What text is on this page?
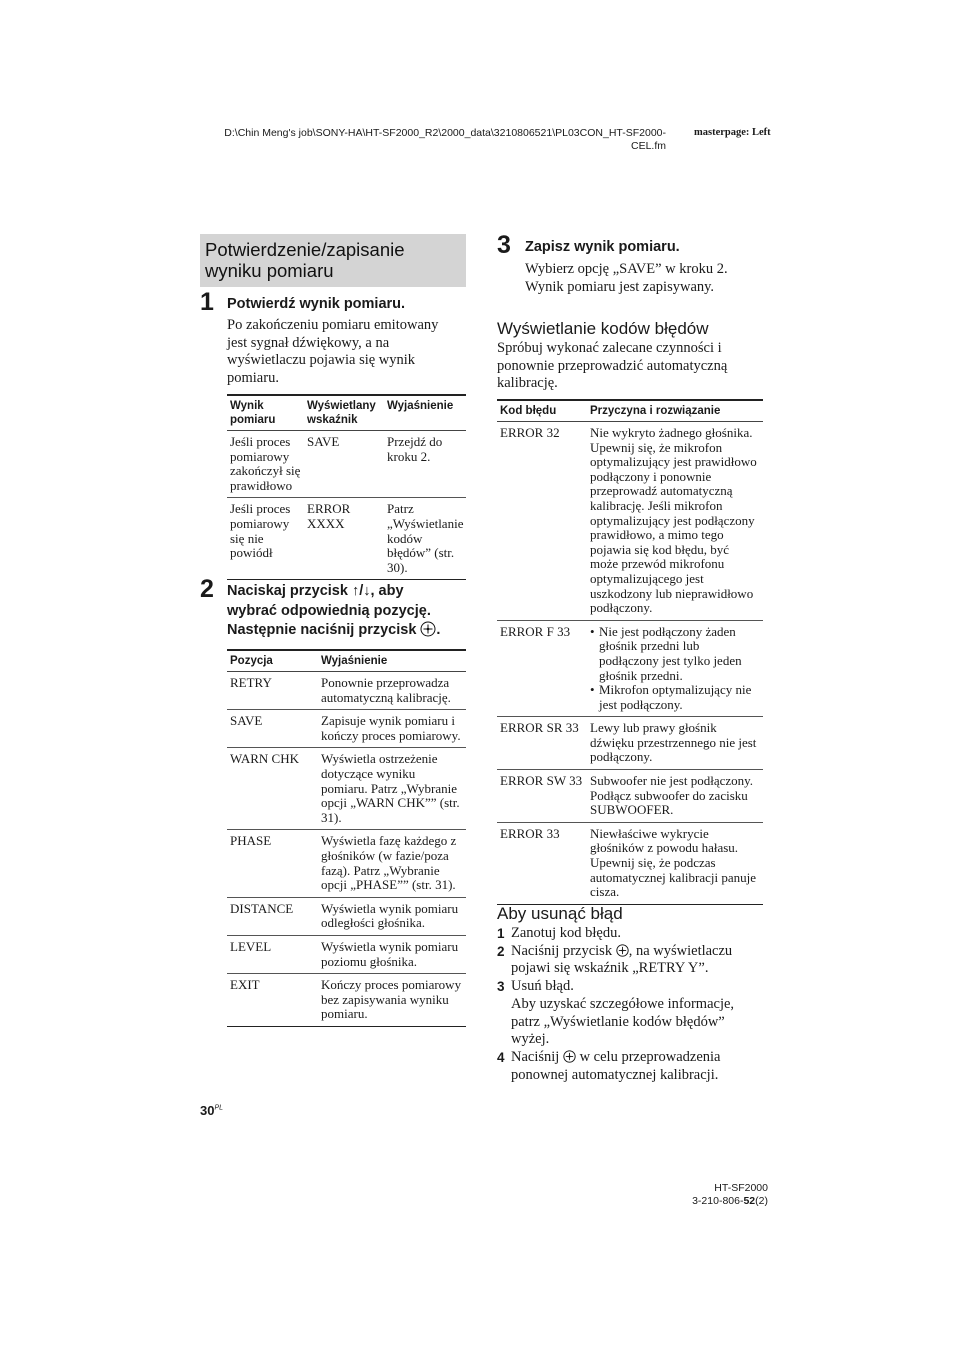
D:\Chin Meng's job\SONY-HA\HT-SF2000_R2\2000_data\3210806521\PL03CON_HT-SF2000-
CEL.fm
masterpage: Left
Potwierdzenie/zapisanie
wyniku pomiaru
1 Potwierdź wynik pomiaru.
Po zakończeniu pomiaru emitowany
jest sygnał dźwiękowy, a na
wyświetlaczu pojawia się wynik
pomiaru.
Wynik pomiaru	Wyświetlany wskaźnik	Wyjaśnienie
Jeśli proces pomiarowy zakończył się prawidłowo	SAVE	Przejdź do kroku 2.
Jeśli proces pomiarowy się nie powiódł	ERROR XXXX	Patrz „Wyświetlanie kodów błędów” (str. 30).
2 Naciskaj przycisk ↑/↓, aby
wybrać odpowiednią pozycję.
Następnie naciśnij przycisk .
Pozycja	Wyjaśnienie
RETRY	Ponownie przeprowadza automatyczną kalibrację.
SAVE	Zapisuje wynik pomiaru i kończy proces pomiarowy.
WARN CHK	Wyświetla ostrzeżenie dotyczące wyniku pomiaru. Patrz „Wybranie opcji „WARN CHK”” (str. 31).
PHASE	Wyświetla fazę każdego z głośników (w fazie/poza fazą). Patrz „Wybranie opcji „PHASE”” (str. 31).
DISTANCE	Wyświetla wynik pomiaru odległości głośnika.
LEVEL	Wyświetla wynik pomiaru poziomu głośnika.
EXIT	Kończy proces pomiarowy bez zapisywania wyniku pomiaru.
3 Zapisz wynik pomiaru.
Wybierz opcję „SAVE” w kroku 2.
Wynik pomiaru jest zapisywany.
Wyświetlanie kodów błędów
Spróbuj wykonać zalecane czynności i
ponownie przeprowadzić automatyczną
kalibrację.
Kod błędu	Przyczyna i rozwiązanie
ERROR 32	Nie wykryto żadnego głośnika. Upewnij się, że mikrofon optymalizujący jest prawidłowo podłączony i ponownie przeprowadź automatyczną kalibrację. Jeśli mikrofon optymalizujący jest podłączony prawidłowo, a mimo tego pojawia się kod błędu, być może przewód mikrofonu optymalizującego jest uszkodzony lub nieprawidłowo podłączony.
ERROR F 33	• Nie jest podłączony żaden głośnik przedni lub podłączony jest tylko jeden głośnik przedni.
• Mikrofon optymalizujący nie jest podłączony.

ERROR SR 33	Lewy lub prawy głośnik dźwięku przestrzennego nie jest podłączony.
ERROR SW 33	Subwoofer nie jest podłączony. Podłącz subwoofer do zacisku SUBWOOFER.
ERROR 33	Niewłaściwe wykrycie głośników z powodu hałasu. Upewnij się, że podczas automatycznej kalibracji panuje cisza.
Aby usunąć błąd
1 Zanotuj kod błędu.
2 Naciśnij przycisk , na wyświetlaczu
pojawi się wskaźnik „RETRY Y”.
3 Usuń błąd.
Aby uzyskać szczegółowe informacje,
patrz „Wyświetlanie kodów błędów”
wyżej.
4 Naciśnij w celu przeprowadzenia
ponownej automatycznej kalibracji.
$30^{PL}$
HT-SF2000
3-210-806-52(2)
